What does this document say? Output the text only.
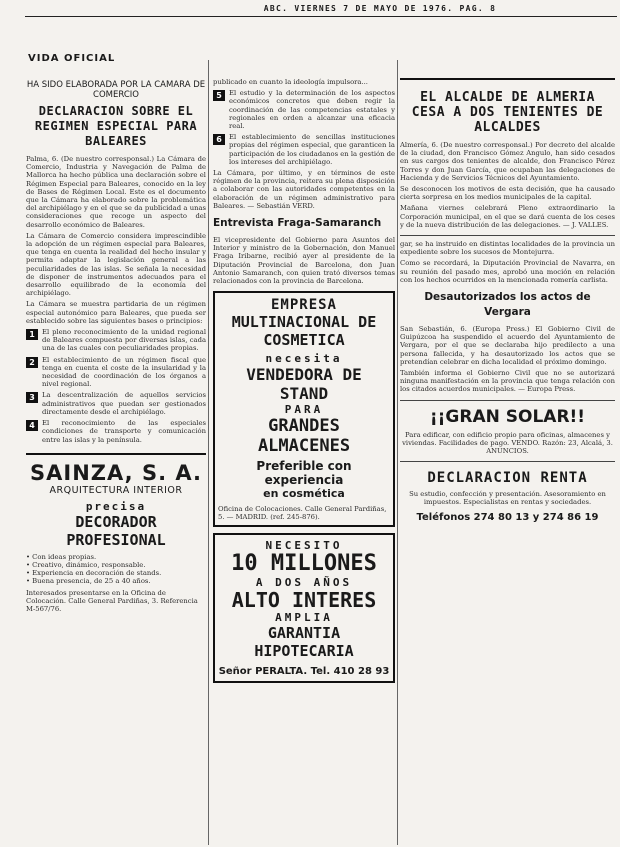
ABC. VIERNES 7 DE MAYO DE 1976. PAG. 8
VIDA OFICIAL
HA SIDO ELABORADA POR LA CAMARA DE COMERCIO
DECLARACION SOBRE EL REGIMEN ESPECIAL PARA BALEARES

Palma, 6. (De nuestro corresponsal.) La Cámara de Comercio, Industria y Navegación de Palma de Mallorca ha hecho pública una declaración sobre el Régimen Especial para Baleares, conocido en la ley de Bases de Régimen Local. Este es el documento que la Cámara ha elaborado sobre la problemática del archipiélago y en el que se da publicidad a unas consideraciones que recoge un aspecto del desarrollo económico de Baleares.

La Cámara de Comercio considera imprescindible la adopción de un régimen especial para Baleares, que tenga en cuenta la realidad del hecho insular y permita adaptar la legislación general a las peculiaridades de las islas. Se señala la necesidad de disponer de instrumentos adecuados para el desarrollo equilibrado de la economía del archipiélago.

La Cámara se muestra partidaria de un régimen especial autonómico para Baleares, que pueda ser establecido sobre las siguientes bases o principios:

1	El pleno reconocimiento de la unidad regional de Baleares compuesta por diversas islas, cada una de las cuales con peculiaridades propias.

2	El establecimiento de un régimen fiscal que tenga en cuenta el coste de la insularidad y la necesidad de coordinación de los órganos a nivel regional.

3	La descentralización de aquellos servicios administrativos que puedan ser gestionados directamente desde el archipiélago.

4	El reconocimiento de las especiales condiciones de transporte y comunicación entre las islas y la península.

SAINZA, S. A.
ARQUITECTURA INTERIOR
precisa
DECORADOR PROFESIONAL
• Con ideas propias.
• Creativo, dinámico, responsable.
• Experiencia en decoración de stands.
• Buena presencia, de 25 a 40 años.
Interesados presentarse en la Oficina de Colocación. Calle General Pardiñas, 3. Referencia M-567/76.

publicado en cuanto la ideología impulsora...

5	El estudio y la determinación de los aspectos económicos concretos que deben regir la coordinación de las competencias estatales y regionales en orden a alcanzar una eficacia real.

6	El establecimiento de sencillas instituciones propias del régimen especial, que garanticen la participación de los ciudadanos en la gestión de los intereses del archipiélago.

La Cámara, por último, y en términos de este régimen de la provincia, reitera su plena disposición a colaborar con las autoridades competentes en la elaboración de un régimen administrativo para Baleares. — Sebastián VERD.

Entrevista Fraga-Samaranch

El vicepresidente del Gobierno para Asuntos del Interior y ministro de la Gobernación, don Manuel Fraga Iribarne, recibió ayer al presidente de la Diputación Provincial de Barcelona, don Juan Antonio Samaranch, con quien trató diversos temas relacionados con la provincia de Barcelona.

EMPRESA
MULTINACIONAL DE COSMETICA
necesita
VENDEDORA DE STAND
PARA
GRANDES ALMACENES
Preferible con experiencia
en cosmética
Oficina de Colocaciones. Calle General Pardiñas, 5. — MADRID. (ref. 245-876).
NECESITO
10 MILLONES
A DOS AÑOS
ALTO INTERES
AMPLIA
GARANTIA HIPOTECARIA
Señor PERALTA. Tel. 410 28 93
EL ALCALDE DE ALMERIA CESA A DOS TENIENTES DE ALCALDES

Almería, 6. (De nuestro corresponsal.) Por decreto del alcalde de la ciudad, don Francisco Gómez Angulo, han sido cesados en sus cargos dos tenientes de alcalde, don Francisco Pérez Torres y don Juan García, que ocupaban las delegaciones de Hacienda y de Servicios Técnicos del Ayuntamiento.

Se desconocen los motivos de esta decisión, que ha causado cierta sorpresa en los medios municipales de la capital.

Mañana viernes celebrará Pleno extraordinario la Corporación municipal, en el que se dará cuenta de los ceses y de la nueva distribución de las delegaciones. — J. VALLES.

gar, se ha instruido en distintas localidades de la provincia un expediente sobre los sucesos de Montejurra.

Como se recordará, la Diputación Provincial de Navarra, en su reunión del pasado mes, aprobó una moción en relación con los hechos ocurridos en la mencionada romería carlista.

Desautorizados los actos de Vergara

San Sebastián, 6. (Europa Press.) El Gobierno Civil de Guipúzcoa ha suspendido el acuerdo del Ayuntamiento de Vergara, por el que se declaraba hijo predilecto a una persona fallecida, y ha desautorizado los actos que se pretendían celebrar en dicha localidad el próximo domingo.

También informa el Gobierno Civil que no se autorizará ninguna manifestación en la provincia que tenga relación con los citados acuerdos municipales. — Europa Press.

¡¡GRAN SOLAR!!

Para edificar, con edificio propio para oficinas, almacenes y viviendas. Facilidades de pago. VENDO. Razón: 23, Alcalá, 3. ANUNCIOS.

DECLARACION RENTA

Su estudio, confección y presentación. Asesoramiento en impuestos. Especialistas en rentas y sociedades.

Teléfonos 274 80 13 y 274 86 19
